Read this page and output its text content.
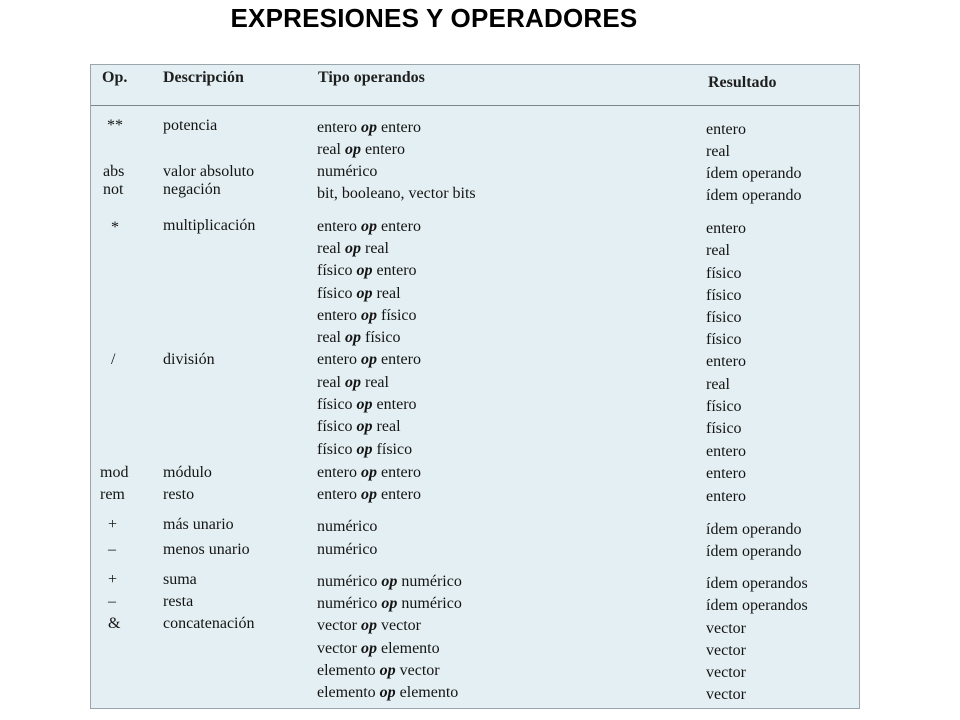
EXPRESIONES Y OPERADORES
Op. Descripción	Tipo operandos	Resultado
**
abs
not
*
/
mod
rem
+
–
+
–
&
potencia
valor absoluto
negación
multiplicación
división
módulo
resto
más unario
menos unario
suma
resta
concatenación
entero op entero
real op entero
numérico
bit, booleano, vector bits
entero op entero
real op real
físico op entero
físico op real
entero op físico
real op físico
entero op entero
real op real
físico op entero
físico op real
físico op físico
entero op entero
entero op entero
numérico
numérico
numérico op numérico
numérico op numérico
vector op vector
vector op elemento
elemento op vector
elemento op elemento
entero
real
ídem operando
ídem operando
entero
real
físico
físico
físico
físico
entero
real
físico
físico
entero
entero
entero
ídem operando
ídem operando
ídem operandos
ídem operandos
vector
vector
vector
vector
